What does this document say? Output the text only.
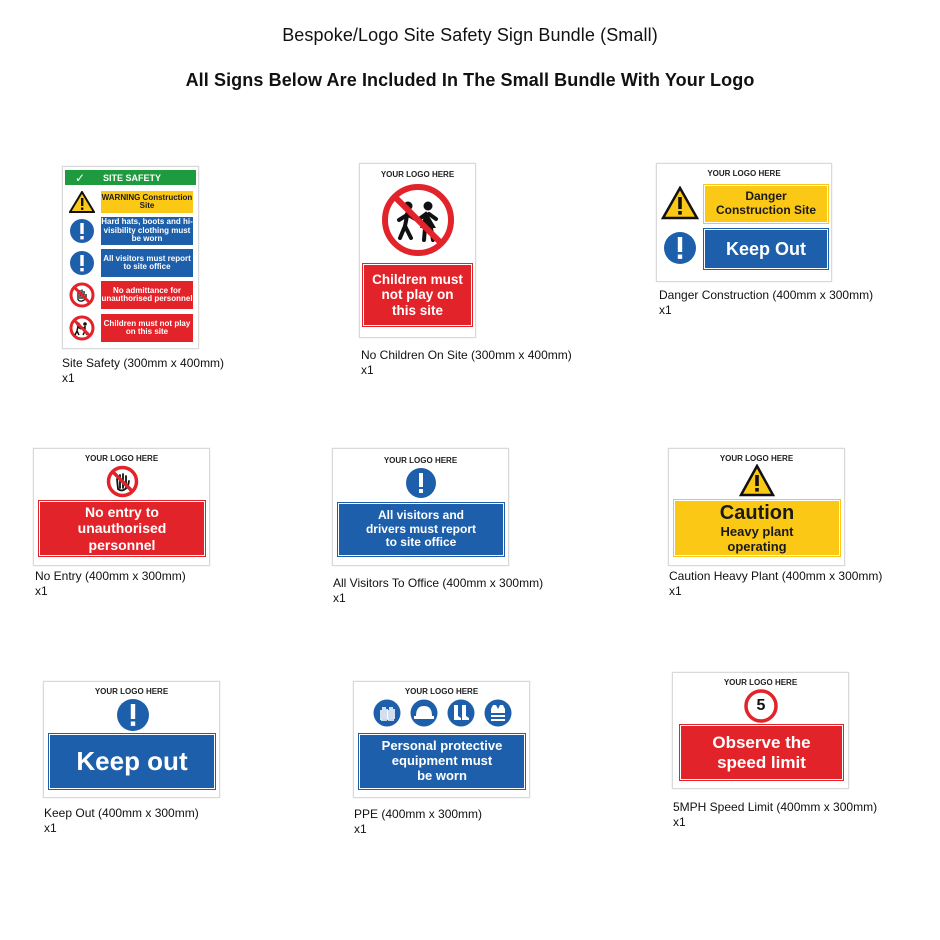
Bespoke/Logo Site Safety Sign Bundle (Small)
All Signs Below Are Included In The Small Bundle With Your Logo
✓	SITE SAFETY
WARNING Construction Site
Hard hats, boots and hi-visibility clothing must be worn
All visitors must report to site office
No admittance for unauthorised personnel
Children must not play on this site
Site Safety (300mm x 400mm)
x1
YOUR LOGO HERE
Children must
not play on
this site
No Children On Site (300mm x 400mm)
x1
YOUR LOGO HERE
Danger
Construction Site
Keep Out
Danger Construction (400mm x 300mm)
x1
YOUR LOGO HERE
No entry to
unauthorised
personnel
No Entry (400mm x 300mm)
x1
YOUR LOGO HERE
All visitors and
drivers must report
to site office
All Visitors To Office (400mm x 300mm)
x1
YOUR LOGO HERE
Caution
Heavy plant
operating
Caution Heavy Plant (400mm x 300mm)
x1
YOUR LOGO HERE
Keep out
Keep Out (400mm x 300mm)
x1
YOUR LOGO HERE
Personal protective
equipment must
be worn
PPE (400mm x 300mm)
x1
YOUR LOGO HERE
5
Observe the
speed limit
5MPH Speed Limit (400mm x 300mm)
x1
